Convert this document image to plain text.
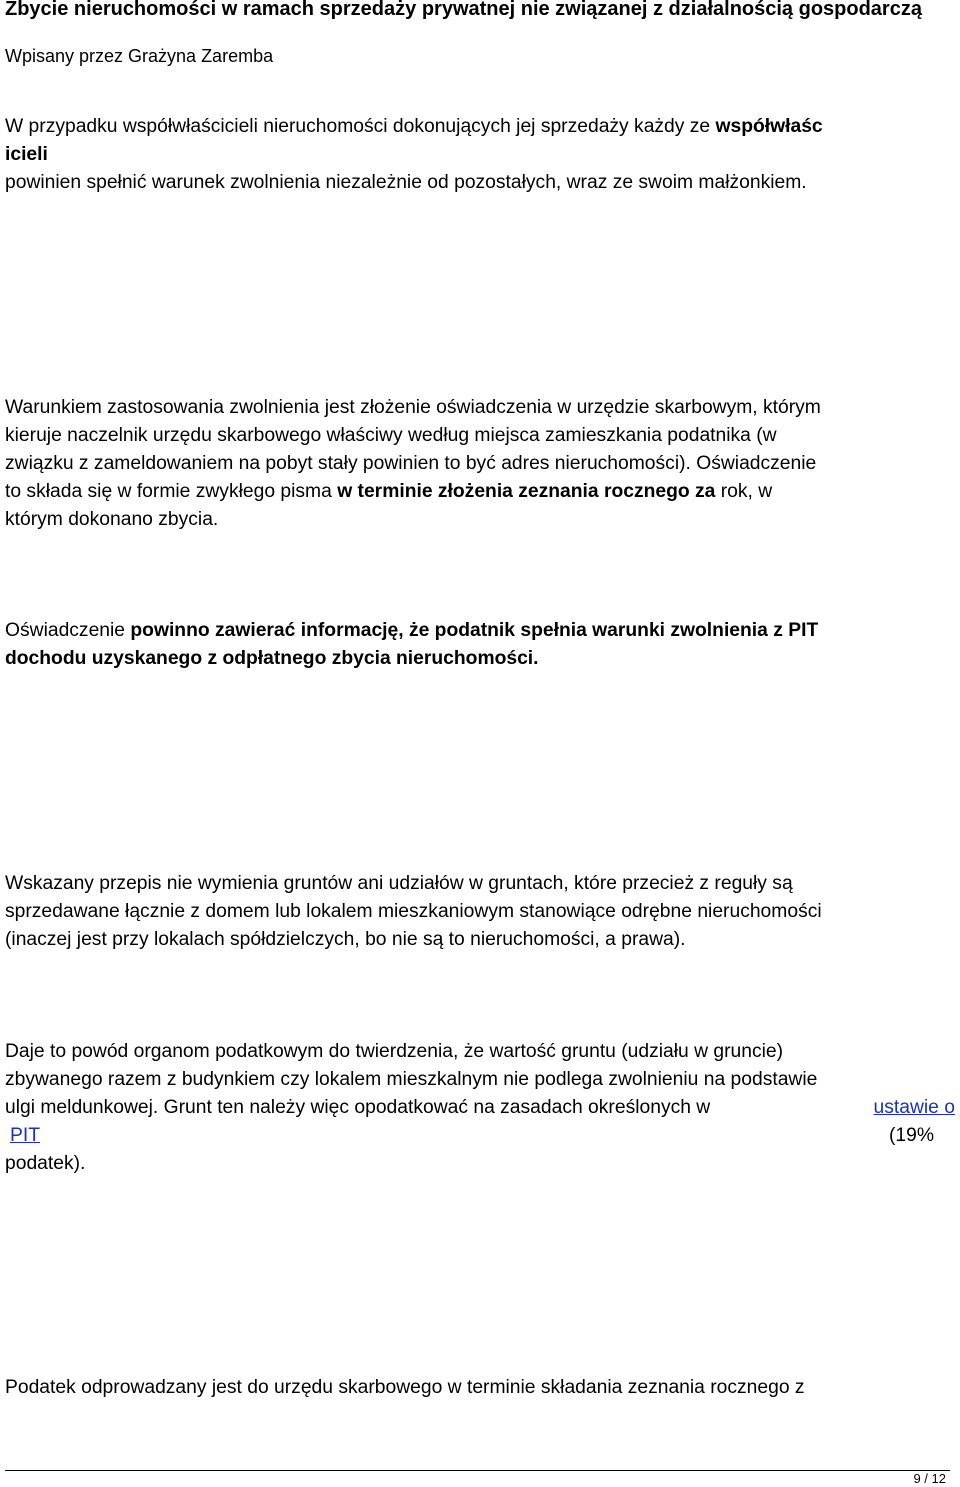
Zbycie nieruchomości w ramach sprzedaży prywatnej nie związanej z działalnością gospodarczą
Wpisany przez Grażyna Zaremba
W przypadku współwłaścicieli nieruchomości dokonujących jej sprzedaży każdy ze współwłaśc
icieli
powinien spełnić warunek zwolnienia niezależnie od pozostałych, wraz ze swoim małżonkiem.
Warunkiem zastosowania zwolnienia jest złożenie oświadczenia w urzędzie skarbowym, którym
kieruje naczelnik urzędu skarbowego właściwy według miejsca zamieszkania podatnika (w
związku z zameldowaniem na pobyt stały powinien to być adres nieruchomości). Oświadczenie
to składa się w formie zwykłego pisma w terminie złożenia zeznania rocznego za rok, w
którym dokonano zbycia.
Oświadczenie powinno zawierać informację, że podatnik spełnia warunki zwolnienia z PIT
dochodu uzyskanego z odpłatnego zbycia nieruchomości.
Wskazany przepis nie wymienia gruntów ani udziałów w gruntach, które przecież z reguły są
sprzedawane łącznie z domem lub lokalem mieszkaniowym stanowiące odrębne nieruchomości
(inaczej jest przy lokalach spółdzielczych, bo nie są to nieruchomości, a prawa).
Daje to powód organom podatkowym do twierdzenia, że wartość gruntu (udziału w gruncie)
zbywanego razem z budynkiem czy lokalem mieszkalnym nie podlega zwolnieniu na podstawie
ulgi meldunkowej. Grunt ten należy więc opodatkować na zasadach określonych w	ustawie o
PIT	(19%
podatek).
Podatek odprowadzany jest do urzędu skarbowego w terminie składania zeznania rocznego z
9 / 12
